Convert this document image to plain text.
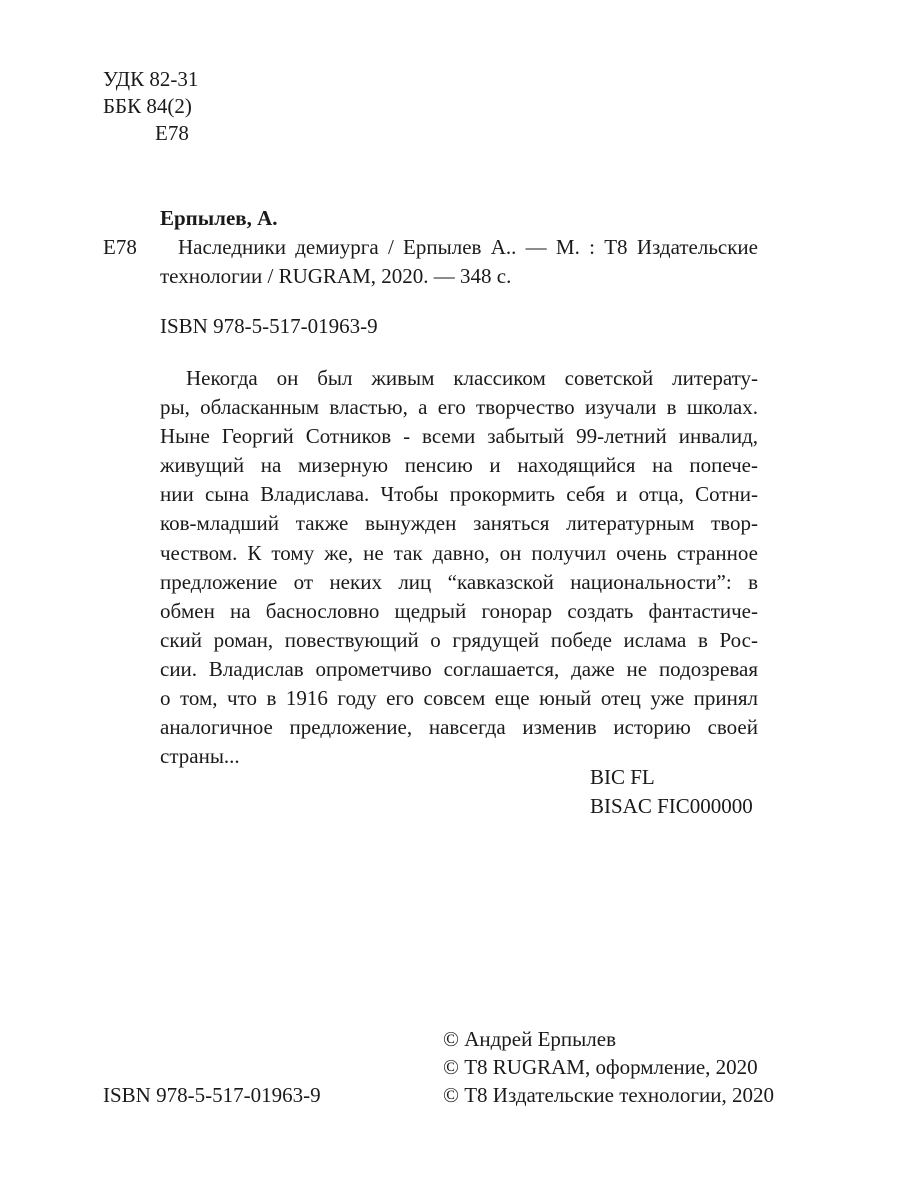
УДК 82-31
ББК 84(2)
Е78
Ерпылев, А.
Е78	Наследники демиурга / Ерпылев А.. — М. : Т8 Издательские
технологии / RUGRAM, 2020. — 348 с.
ISBN 978-5-517-01963-9
Некогда он был живым классиком советской литерату-
ры, обласканным властью, а его творчество изучали в школах.
Ныне Георгий Сотников - всеми забытый 99-летний инвалид,
живущий на мизерную пенсию и находящийся на попече-
нии сына Владислава. Чтобы прокормить себя и отца, Сотни-
ков-младший также вынужден заняться литературным твор-
чеством. К тому же, не так давно, он получил очень странное
предложение от неких лиц “кавказской национальности”: в
обмен на баснословно щедрый гонорар создать фантастиче-
ский роман, повествующий о грядущей победе ислама в Рос-
сии. Владислав опрометчиво соглашается, даже не подозревая
о том, что в 1916 году его совсем еще юный отец уже принял
аналогичное предложение, навсегда изменив историю своей
страны...
BIC FL
BISAC FIC000000
© Андрей Ерпылев
© Т8 RUGRAM, оформление, 2020
© Т8 Издательские технологии, 2020
ISBN 978-5-517-01963-9
